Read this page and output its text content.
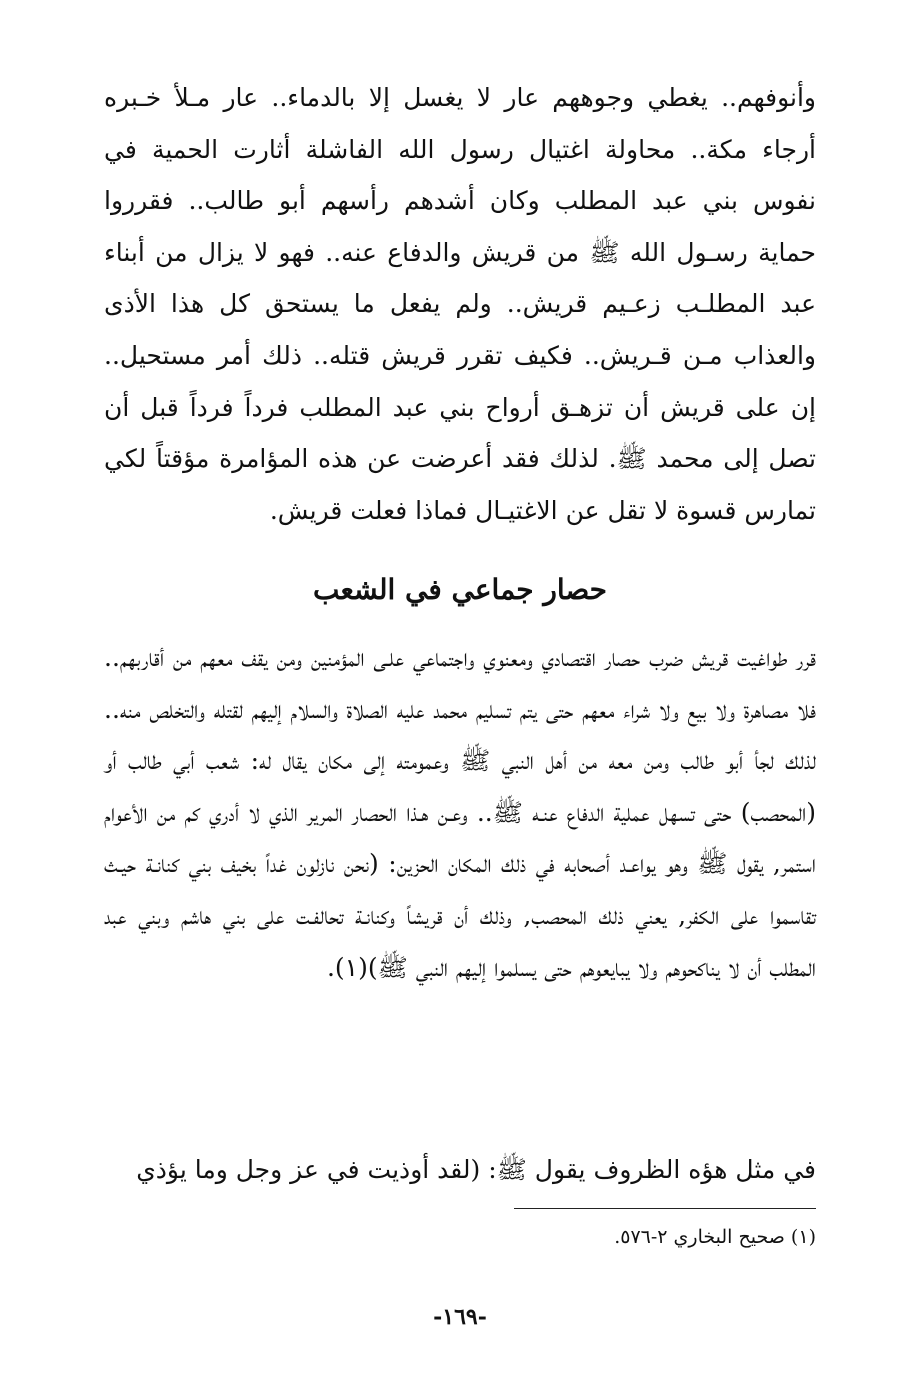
وأنوفهم.. يغطي وجوههم عار لا يغسل إلا بالدماء.. عار مـلأ خـبره أرجاء مكة.. محاولة اغتيال رسول الله الفاشلة أثارت الحمية في نفوس بني عبد المطلب وكان أشدهم رأسهم أبو طالب.. فقرروا حماية رسـول الله ﷺ من قريش والدفاع عنه.. فهو لا يزال من أبناء عبد المطلـب زعـيم قريش.. ولم يفعل ما يستحق كل هذا الأذى والعذاب مـن قـريش.. فكيف تقرر قريش قتله.. ذلك أمر مستحيل.. إن على قريش أن تزهـق أرواح بني عبد المطلب فرداً فرداً قبل أن تصل إلى محمد ﷺ. لذلك فقد أعرضت عن هذه المؤامرة مؤقتاً لكي تمارس قسوة لا تقل عن الاغتيـال فماذا فعلت قريش.

حصار جماعي في الشعب

قرر طواغيت قريش ضرب حصار اقتصادي ومعنوي واجتماعي علـى المؤمنين ومن يقف معهم من أقاربهم.. فلا مصاهرة ولا بيع ولا شراء معهم حتى يتم تسليم محمد عليه الصلاة والسلام إليهم لقتله والتخلص منه.. لذلك لجأ أبو طالب ومن معه من أهل النبي ﷺ وعمومته إلى مكان يقال له: شعب أبي طالب أو (المحصب) حتى تسهل عملية الدفاع عنـه ﷺ.. وعـن هـذا الحصار المرير الذي لا أدري كم من الأعوام استمر, يقول ﷺ وهو يواعـد أصحابه في ذلك المكان الحزين: (نحن نازلون غداً بخيف بني كنانـة حيـث تقاسموا على الكفر, يعني ذلك المحصب, وذلك أن قريشاً وكنانـة تحالفـت على بني هاشم وبني عبد المطلب أن لا يناكحوهم ولا يبايعوهم حتى يسلموا إليهم النبي ﷺ)(١).

في مثل هؤه الظروف يقول ﷺ: (لقد أوذيت في عز وجل وما يؤذي

(١) صحيح البخاري ٢-٥٧٦.

-١٦٩-
